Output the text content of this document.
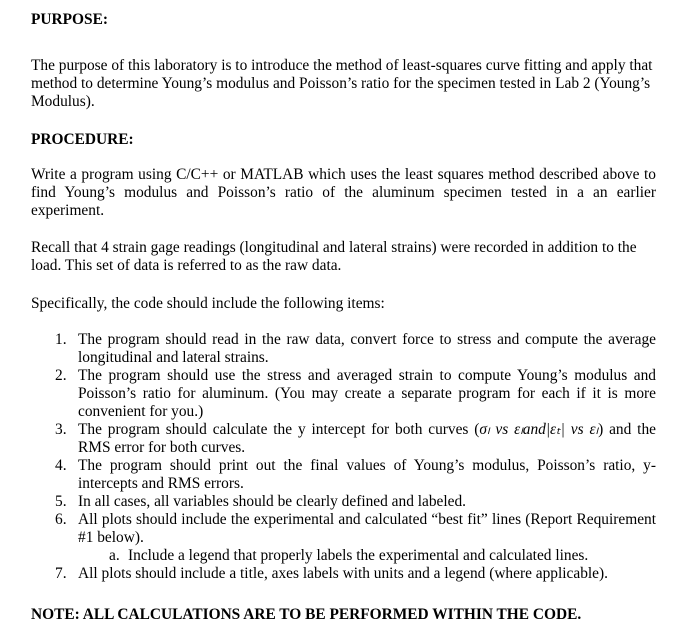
PURPOSE:
The purpose of this laboratory is to introduce the method of least-squares curve fitting and apply that method to determine Young’s modulus and Poisson’s ratio for the specimen tested in Lab 2 (Young’s Modulus).
PROCEDURE:
Write a program using C/C++ or MATLAB which uses the least squares method described above to find Young’s modulus and Poisson’s ratio of the aluminum specimen tested in a an earlier experiment.
Recall that 4 strain gage readings (longitudinal and lateral strains) were recorded in addition to the load. This set of data is referred to as the raw data.
Specifically, the code should include the following items:
1. The program should read in the raw data, convert force to stress and compute the average longitudinal and lateral strains.
2. The program should use the stress and averaged strain to compute Young’s modulus and Poisson’s ratio for aluminum. (You may create a separate program for each if it is more convenient for you.)
3. The program should calculate the y intercept for both curves (σₗ vs εₗand|εₜ| vs εₗ) and the RMS error for both curves.
4. The program should print out the final values of Young’s modulus, Poisson’s ratio, y-intercepts and RMS errors.
5. In all cases, all variables should be clearly defined and labeled.
6. All plots should include the experimental and calculated “best fit” lines (Report Requirement #1 below).
a. Include a legend that properly labels the experimental and calculated lines.
7. All plots should include a title, axes labels with units and a legend (where applicable).
NOTE: ALL CALCULATIONS ARE TO BE PERFORMED WITHIN THE CODE.
